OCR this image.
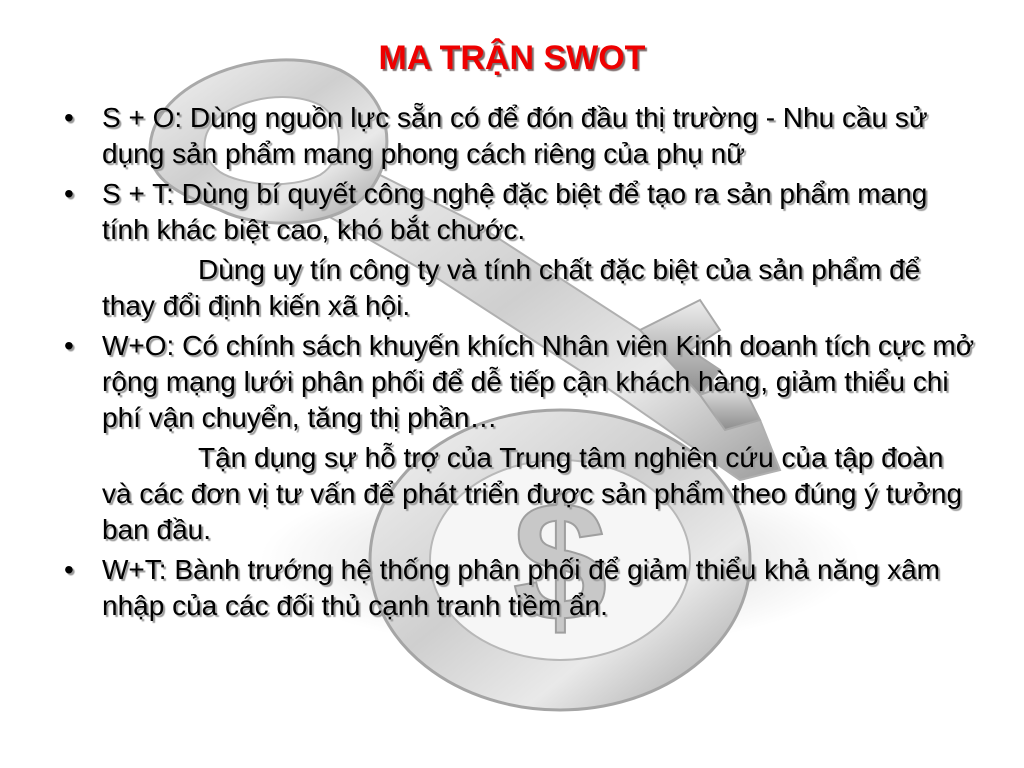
$
MA TRẬN SWOT
• S + O: Dùng nguồn lực sẵn có để đón đầu thị trường - Nhu cầu sử dụng sản phẩm mang phong cách riêng của phụ nữ
• S + T: Dùng bí quyết công nghệ đặc biệt để tạo ra sản phẩm mang tính khác biệt cao, khó bắt chước.
Dùng uy tín công ty và tính chất đặc biệt của sản phẩm để thay đổi định kiến xã hội.
• W+O: Có chính sách khuyến khích Nhân viên Kinh doanh tích cực mở rộng mạng lưới phân phối để dễ tiếp cận khách hàng, giảm thiểu chi phí vận chuyển, tăng thị phần…
Tận dụng sự hỗ trợ của Trung tâm nghiên cứu của tập đoàn và các đơn vị tư vấn để phát triển được sản phẩm theo đúng ý tưởng ban đầu.
• W+T: Bành trướng hệ thống phân phối để giảm thiểu khả năng xâm nhập của các đối thủ cạnh tranh tiềm ẩn.
